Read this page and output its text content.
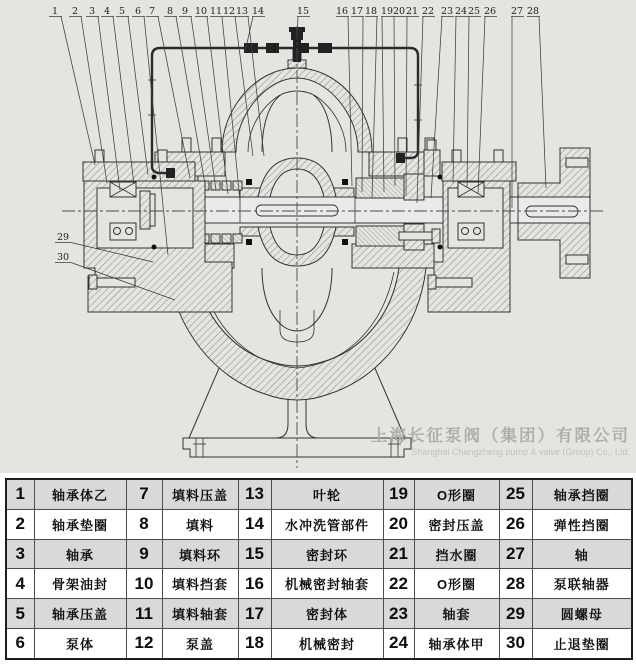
1 2 3 4 5 6 7 8 9 10 11 12 13 14	15	16 17 18 19 20 21 22 23 24 25 26 27 28
29
30
上海长征泵阀（集团）有限公司
Shanghai Changzheng pump & valve (Group) Co., Ltd.
1	轴承体乙	7	填料压盖	13	叶轮	19	O形圈	25	轴承挡圈
2	轴承垫圈	8	填料	14	水冲洗管部件	20	密封压盖	26	弹性挡圈
3	轴承	9	填料环	15	密封环	21	挡水圈	27	轴
4	骨架油封	10	填料挡套	16	机械密封轴套	22	O形圈	28	泵联轴器
5	轴承压盖	11	填料轴套	17	密封体	23	轴套	29	圆螺母
6	泵体	12	泵盖	18	机械密封	24	轴承体甲	30	止退垫圈
